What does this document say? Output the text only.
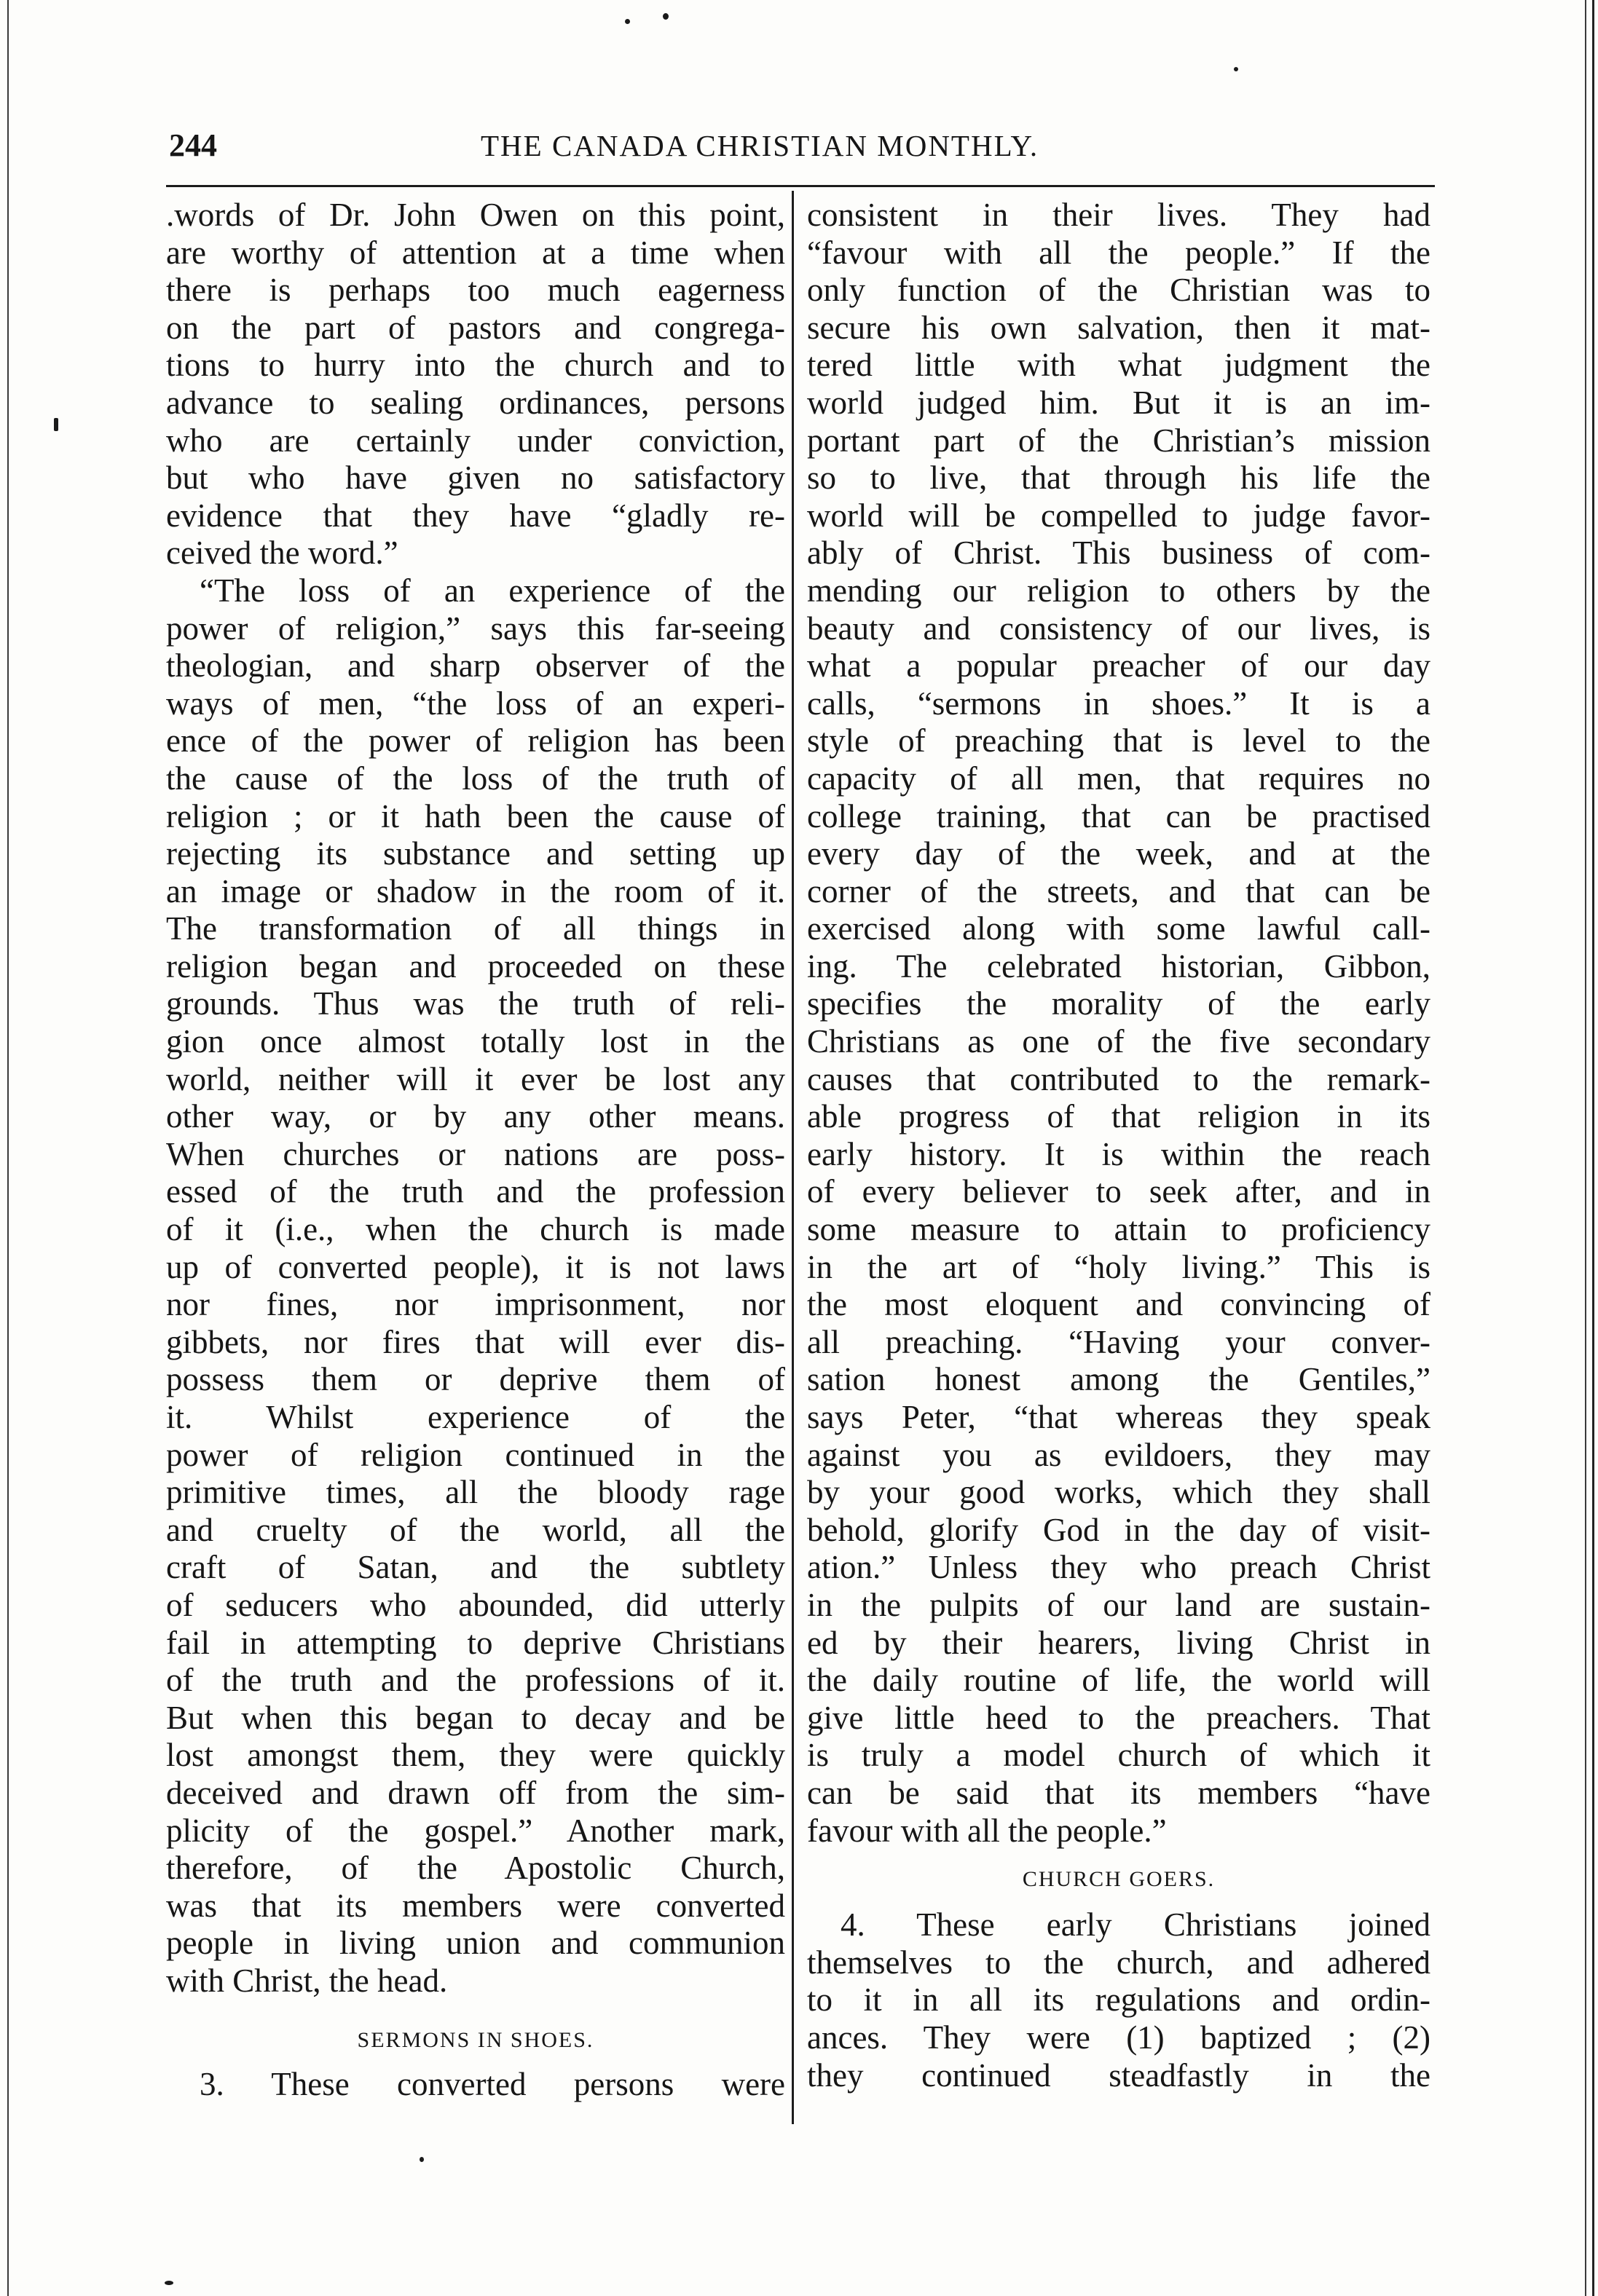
244	THE CANADA CHRISTIAN MONTHLY.
.words of Dr. John Owen on this point,
are worthy of attention at a time when
there is perhaps too much eagerness
on the part of pastors and congrega-
tions to hurry into the church and to
advance to sealing ordinances, persons
who are certainly under conviction,
but who have given no satisfactory
evidence that they have “gladly re-
ceived the word.”
“The loss of an experience of the
power of religion,” says this far-seeing
theologian, and sharp observer of the
ways of men, “the loss of an experi-
ence of the power of religion has been
the cause of the loss of the truth of
religion ; or it hath been the cause of
rejecting its substance and setting up
an image or shadow in the room of it.
The transformation of all things in
religion began and proceeded on these
grounds. Thus was the truth of reli-
gion once almost totally lost in the
world, neither will it ever be lost any
other way, or by any other means.
When churches or nations are poss-
essed of the truth and the profession
of it (i.e., when the church is made
up of converted people), it is not laws
nor fines, nor imprisonment, nor
gibbets, nor fires that will ever dis-
possess them or deprive them of
it. Whilst experience of the
power of religion continued in the
primitive times, all the bloody rage
and cruelty of the world, all the
craft of Satan, and the subtlety
of seducers who abounded, did utterly
fail in attempting to deprive Christians
of the truth and the professions of it.
But when this began to decay and be
lost amongst them, they were quickly
deceived and drawn off from the sim-
plicity of the gospel.” Another mark,
therefore, of the Apostolic Church,
was that its members were converted
people in living union and communion
with Christ, the head.
SERMONS IN SHOES.
3. These converted persons were
consistent in their lives. They had
“favour with all the people.” If the
only function of the Christian was to
secure his own salvation, then it mat-
tered little with what judgment the
world judged him. But it is an im-
portant part of the Christian’s mission
so to live, that through his life the
world will be compelled to judge favor-
ably of Christ. This business of com-
mending our religion to others by the
beauty and consistency of our lives, is
what a popular preacher of our day
calls, “sermons in shoes.” It is a
style of preaching that is level to the
capacity of all men, that requires no
college training, that can be practised
every day of the week, and at the
corner of the streets, and that can be
exercised along with some lawful call-
ing. The celebrated historian, Gibbon,
specifies the morality of the early
Christians as one of the five secondary
causes that contributed to the remark-
able progress of that religion in its
early history. It is within the reach
of every believer to seek after, and in
some measure to attain to proficiency
in the art of “holy living.” This is
the most eloquent and convincing of
all preaching. “Having your conver-
sation honest among the Gentiles,”
says Peter, “that whereas they speak
against you as evildoers, they may
by your good works, which they shall
behold, glorify God in the day of visit-
ation.” Unless they who preach Christ
in the pulpits of our land are sustain-
ed by their hearers, living Christ in
the daily routine of life, the world will
give little heed to the preachers. That
is truly a model church of which it
can be said that its members “have
favour with all the people.”
CHURCH GOERS.
4. These early Christians joined
themselves to the church, and adhered
to it in all its regulations and ordin-
ances. They were (1) baptized ; (2)
they continued steadfastly in the
